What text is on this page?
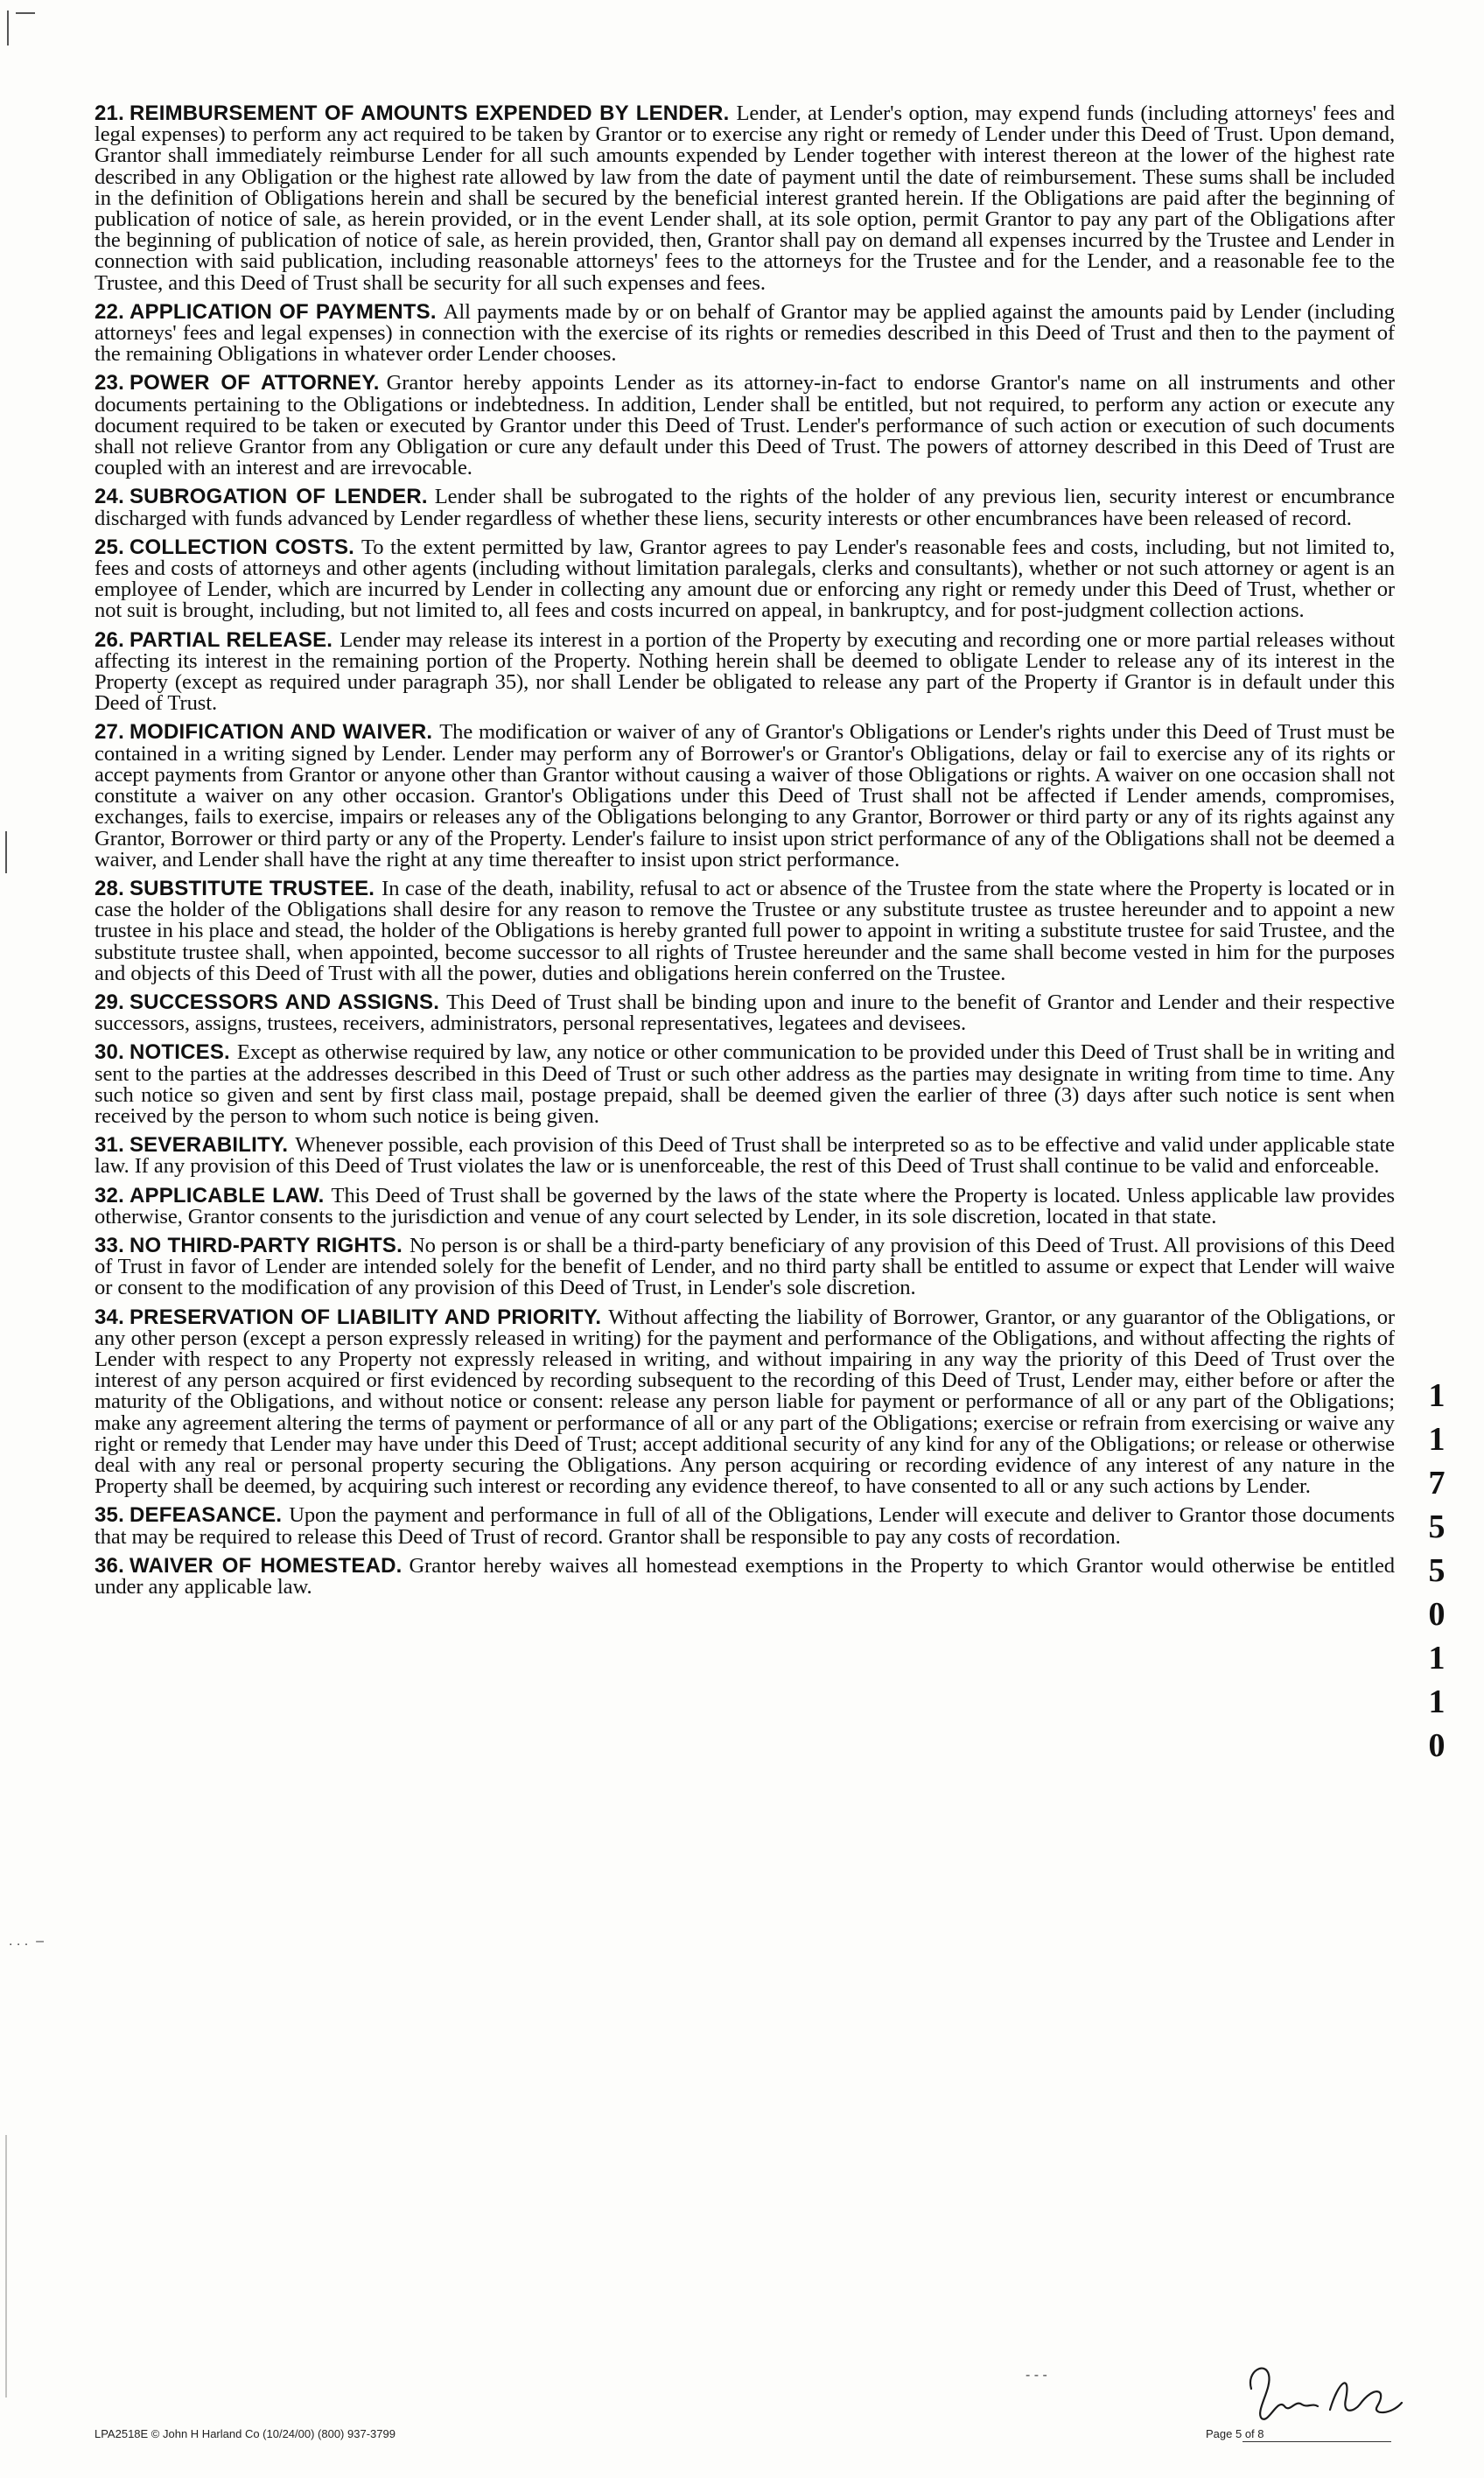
. . .  –
- - -

21. REIMBURSEMENT OF AMOUNTS EXPENDED BY LENDER. Lender, at Lender's option, may expend funds (including attorneys' fees and legal expenses) to perform any act required to be taken by Grantor or to exercise any right or remedy of Lender under this Deed of Trust. Upon demand, Grantor shall immediately reimburse Lender for all such amounts expended by Lender together with interest thereon at the lower of the highest rate described in any Obligation or the highest rate allowed by law from the date of payment until the date of reimbursement. These sums shall be included in the definition of Obligations herein and shall be secured by the beneficial interest granted herein. If the Obligations are paid after the beginning of publication of notice of sale, as herein provided, or in the event Lender shall, at its sole option, permit Grantor to pay any part of the Obligations after the beginning of publication of notice of sale, as herein provided, then, Grantor shall pay on demand all expenses incurred by the Trustee and Lender in connection with said publication, including reasonable attorneys' fees to the attorneys for the Trustee and for the Lender, and a reasonable fee to the Trustee, and this Deed of Trust shall be security for all such expenses and fees.

22. APPLICATION OF PAYMENTS. All payments made by or on behalf of Grantor may be applied against the amounts paid by Lender (including attorneys' fees and legal expenses) in connection with the exercise of its rights or remedies described in this Deed of Trust and then to the payment of the remaining Obligations in whatever order Lender chooses.

23. POWER OF ATTORNEY. Grantor hereby appoints Lender as its attorney-in-fact to endorse Grantor's name on all instruments and other documents pertaining to the Obligations or indebtedness. In addition, Lender shall be entitled, but not required, to perform any action or execute any document required to be taken or executed by Grantor under this Deed of Trust. Lender's performance of such action or execution of such documents shall not relieve Grantor from any Obligation or cure any default under this Deed of Trust. The powers of attorney described in this Deed of Trust are coupled with an interest and are irrevocable.

24. SUBROGATION OF LENDER. Lender shall be subrogated to the rights of the holder of any previous lien, security interest or encumbrance discharged with funds advanced by Lender regardless of whether these liens, security interests or other encumbrances have been released of record.

25. COLLECTION COSTS. To the extent permitted by law, Grantor agrees to pay Lender's reasonable fees and costs, including, but not limited to, fees and costs of attorneys and other agents (including without limitation paralegals, clerks and consultants), whether or not such attorney or agent is an employee of Lender, which are incurred by Lender in collecting any amount due or enforcing any right or remedy under this Deed of Trust, whether or not suit is brought, including, but not limited to, all fees and costs incurred on appeal, in bankruptcy, and for post-judgment collection actions.

26. PARTIAL RELEASE. Lender may release its interest in a portion of the Property by executing and recording one or more partial releases without affecting its interest in the remaining portion of the Property. Nothing herein shall be deemed to obligate Lender to release any of its interest in the Property (except as required under paragraph 35), nor shall Lender be obligated to release any part of the Property if Grantor is in default under this Deed of Trust.

27. MODIFICATION AND WAIVER. The modification or waiver of any of Grantor's Obligations or Lender's rights under this Deed of Trust must be contained in a writing signed by Lender. Lender may perform any of Borrower's or Grantor's Obligations, delay or fail to exercise any of its rights or accept payments from Grantor or anyone other than Grantor without causing a waiver of those Obligations or rights. A waiver on one occasion shall not constitute a waiver on any other occasion. Grantor's Obligations under this Deed of Trust shall not be affected if Lender amends, compromises, exchanges, fails to exercise, impairs or releases any of the Obligations belonging to any Grantor, Borrower or third party or any of its rights against any Grantor, Borrower or third party or any of the Property. Lender's failure to insist upon strict performance of any of the Obligations shall not be deemed a waiver, and Lender shall have the right at any time thereafter to insist upon strict performance.

28. SUBSTITUTE TRUSTEE. In case of the death, inability, refusal to act or absence of the Trustee from the state where the Property is located or in case the holder of the Obligations shall desire for any reason to remove the Trustee or any substitute trustee as trustee hereunder and to appoint a new trustee in his place and stead, the holder of the Obligations is hereby granted full power to appoint in writing a substitute trustee for said Trustee, and the substitute trustee shall, when appointed, become successor to all rights of Trustee hereunder and the same shall become vested in him for the purposes and objects of this Deed of Trust with all the power, duties and obligations herein conferred on the Trustee.

29. SUCCESSORS AND ASSIGNS. This Deed of Trust shall be binding upon and inure to the benefit of Grantor and Lender and their respective successors, assigns, trustees, receivers, administrators, personal representatives, legatees and devisees.

30. NOTICES. Except as otherwise required by law, any notice or other communication to be provided under this Deed of Trust shall be in writing and sent to the parties at the addresses described in this Deed of Trust or such other address as the parties may designate in writing from time to time. Any such notice so given and sent by first class mail, postage prepaid, shall be deemed given the earlier of three (3) days after such notice is sent when received by the person to whom such notice is being given.

31. SEVERABILITY. Whenever possible, each provision of this Deed of Trust shall be interpreted so as to be effective and valid under applicable state law. If any provision of this Deed of Trust violates the law or is unenforceable, the rest of this Deed of Trust shall continue to be valid and enforceable.

32. APPLICABLE LAW. This Deed of Trust shall be governed by the laws of the state where the Property is located. Unless applicable law provides otherwise, Grantor consents to the jurisdiction and venue of any court selected by Lender, in its sole discretion, located in that state.

33. NO THIRD-PARTY RIGHTS. No person is or shall be a third-party beneficiary of any provision of this Deed of Trust. All provisions of this Deed of Trust in favor of Lender are intended solely for the benefit of Lender, and no third party shall be entitled to assume or expect that Lender will waive or consent to the modification of any provision of this Deed of Trust, in Lender's sole discretion.

34. PRESERVATION OF LIABILITY AND PRIORITY. Without affecting the liability of Borrower, Grantor, or any guarantor of the Obligations, or any other person (except a person expressly released in writing) for the payment and performance of the Obligations, and without affecting the rights of Lender with respect to any Property not expressly released in writing, and without impairing in any way the priority of this Deed of Trust over the interest of any person acquired or first evidenced by recording subsequent to the recording of this Deed of Trust, Lender may, either before or after the maturity of the Obligations, and without notice or consent: release any person liable for payment or performance of all or any part of the Obligations; make any agreement altering the terms of payment or performance of all or any part of the Obligations; exercise or refrain from exercising or waive any right or remedy that Lender may have under this Deed of Trust; accept additional security of any kind for any of the Obligations; or release or otherwise deal with any real or personal property securing the Obligations. Any person acquiring or recording evidence of any interest of any nature in the Property shall be deemed, by acquiring such interest or recording any evidence thereof, to have consented to all or any such actions by Lender.

35. DEFEASANCE. Upon the payment and performance in full of all of the Obligations, Lender will execute and deliver to Grantor those documents that may be required to release this Deed of Trust of record. Grantor shall be responsible to pay any costs of recordation.

36. WAIVER OF HOMESTEAD. Grantor hereby waives all homestead exemptions in the Property to which Grantor would otherwise be entitled under any applicable law.

1
1
7
5
5
0
1
1
0
LPA2518E © John H Harland Co (10/24/00) (800) 937-3799	Page 5 of 8
